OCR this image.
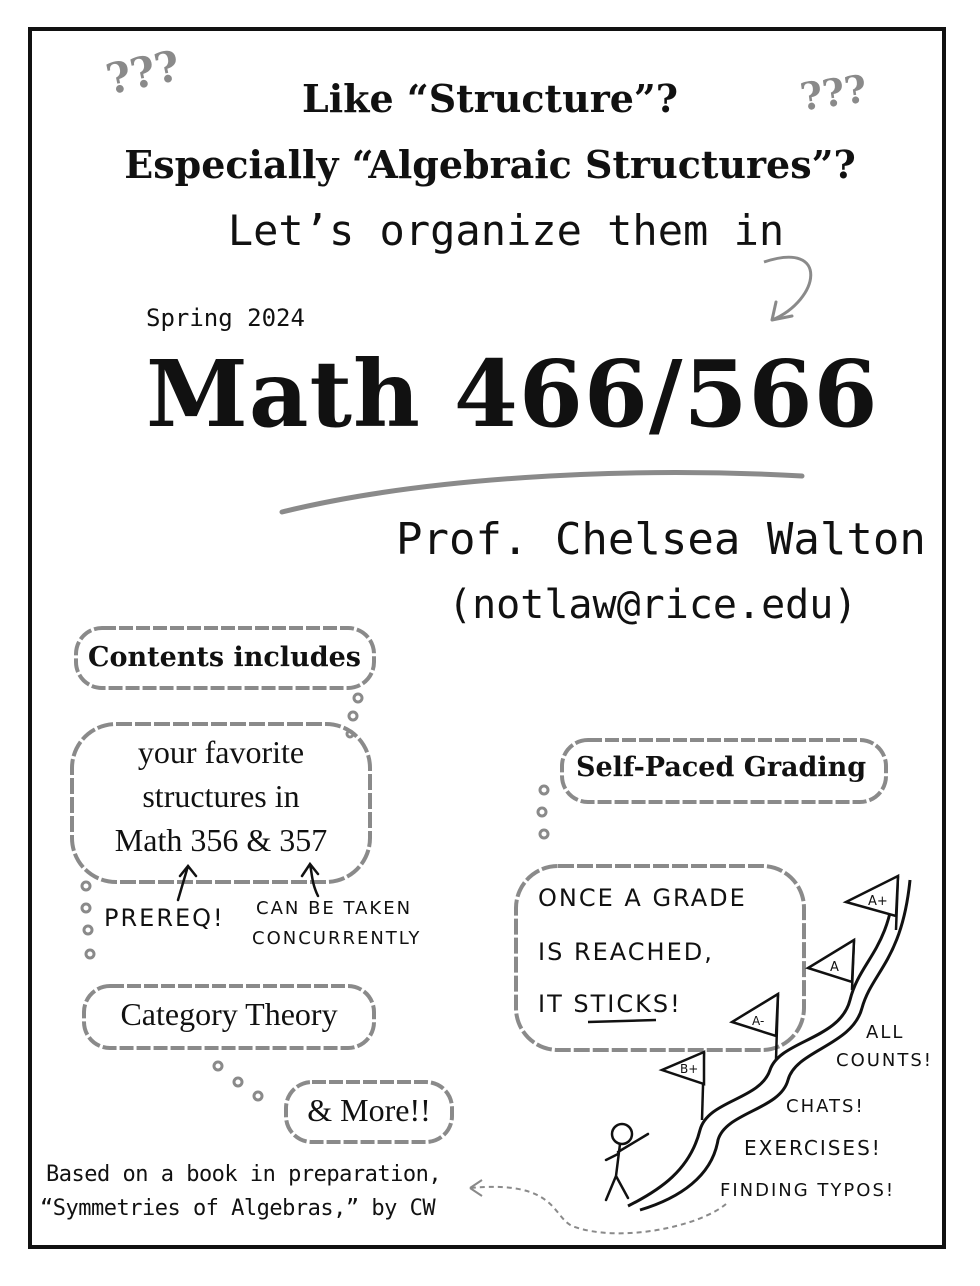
???	???
Like “Structure”?
Especially “Algebraic Structures”?
Let’s organize them in
Spring 2024
Math 466/566
Prof. Chelsea Walton
(notlaw@rice.edu)
Contents includes
your favorite
structures in
Math 356 & 357
PREREQ! CAN BE TAKEN
CONCURRENTLY
Category Theory
& More!!
Self-Paced Grading
ONCE A GRADE
IS REACHED,
IT STICKS!
B+
A-
A
A+
ALL
COUNTS!
CHATS!
EXERCISES!
FINDING TYPOS!
Based on a book in preparation,
“Symmetries of Algebras,” by CW
